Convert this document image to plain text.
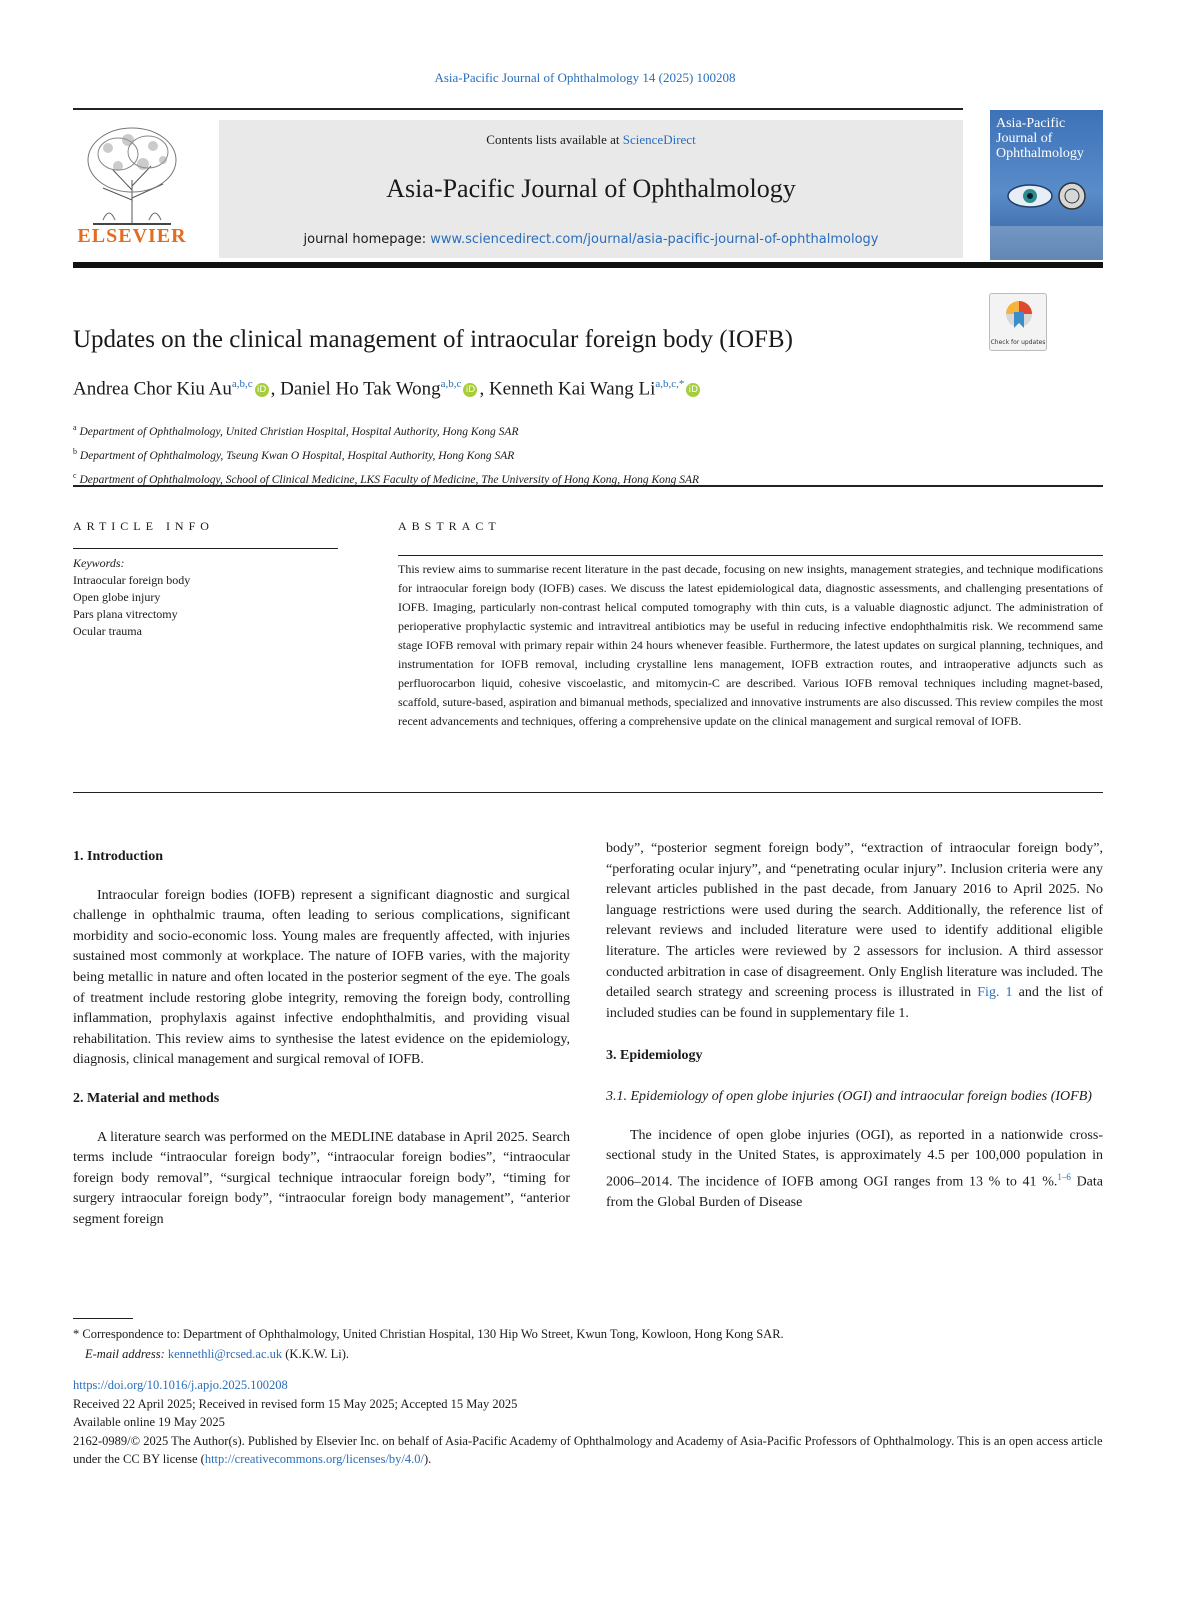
Asia-Pacific Journal of Ophthalmology 14 (2025) 100208
ELSEVIER
Contents lists available at ScienceDirect
Asia-Pacific Journal of Ophthalmology
journal homepage: www.sciencedirect.com/journal/asia-pacific-journal-of-ophthalmology
Asia-Pacific Journal of Ophthalmology
Check for updates
Updates on the clinical management of intraocular foreign body (IOFB)
Andrea Chor Kiu Au$^{a,b,c}$ iD , Daniel Ho Tak Wong$^{a,b,c}$ iD , Kenneth Kai Wang $Li^{a,b,c,*}$ iD
$^a$ Department of Ophthalmology, United Christian Hospital, Hospital Authority, Hong Kong SAR
$^b$ Department of Ophthalmology, Tseung Kwan O Hospital, Hospital Authority, Hong Kong SAR
$^c$ Department of Ophthalmology, School of Clinical Medicine, LKS Faculty of Medicine, The University of Hong Kong, Hong Kong SAR
ARTICLE INFO
Keywords:
Intraocular foreign body
Open globe injury
Pars plana vitrectomy
Ocular trauma
ABSTRACT
This review aims to summarise recent literature in the past decade, focusing on new insights, management strategies, and technique modifications for intraocular foreign body (IOFB) cases. We discuss the latest epidemiological data, diagnostic assessments, and challenging presentations of IOFB. Imaging, particularly non-contrast helical computed tomography with thin cuts, is a valuable diagnostic adjunct. The administration of perioperative prophylactic systemic and intravitreal antibiotics may be useful in reducing infective endophthalmitis risk. We recommend same stage IOFB removal with primary repair within 24 hours whenever feasible. Furthermore, the latest updates on surgical planning, techniques, and instrumentation for IOFB removal, including crystalline lens management, IOFB extraction routes, and intraoperative adjuncts such as perfluorocarbon liquid, cohesive viscoelastic, and mitomycin-C are described. Various IOFB removal techniques including magnet-based, scaffold, suture-based, aspiration and bimanual methods, specialized and innovative instruments are also discussed. This review compiles the most recent advancements and techniques, offering a comprehensive update on the clinical management and surgical removal of IOFB.
1. Introduction

Intraocular foreign bodies (IOFB) represent a significant diagnostic and surgical challenge in ophthalmic trauma, often leading to serious complications, significant morbidity and socio-economic loss. Young males are frequently affected, with injuries sustained most commonly at workplace. The nature of IOFB varies, with the majority being metallic in nature and often located in the posterior segment of the eye. The goals of treatment include restoring globe integrity, removing the foreign body, controlling inflammation, prophylaxis against infective endophthalmitis, and providing visual rehabilitation. This review aims to synthesise the latest evidence on the epidemiology, diagnosis, clinical management and surgical removal of IOFB.

2. Material and methods

A literature search was performed on the MEDLINE database in April 2025. Search terms include “intraocular foreign body”, “intraocular foreign bodies”, “intraocular foreign body removal”, “surgical technique intraocular foreign body”, “timing for surgery intraocular foreign body”, “intraocular foreign body management”, “anterior segment foreign

body”, “posterior segment foreign body”, “extraction of intraocular foreign body”, “perforating ocular injury”, and “penetrating ocular injury”. Inclusion criteria were any relevant articles published in the past decade, from January 2016 to April 2025. No language restrictions were used during the search. Additionally, the reference list of relevant reviews and included literature were used to identify additional eligible literature. The articles were reviewed by 2 assessors for inclusion. A third assessor conducted arbitration in case of disagreement. Only English literature was included. The detailed search strategy and screening process is illustrated in Fig. 1 and the list of included studies can be found in supplementary file 1.

3. Epidemiology
3.1. Epidemiology of open globe injuries (OGI) and intraocular foreign bodies (IOFB)

The incidence of open globe injuries (OGI), as reported in a nationwide cross-sectional study in the United States, is approximately 4.5 per 100,000 population in 2006–2014. The incidence of IOFB among OGI ranges from 13 % to 41 %.$^{1-6}$ Data from the Global Burden of Disease

* Correspondence to: Department of Ophthalmology, United Christian Hospital, 130 Hip Wo Street, Kwun Tong, Kowloon, Hong Kong SAR.
E-mail address: kennethli@rcsed.ac.uk (K.K.W. Li).
https://doi.org/10.1016/j.apjo.2025.100208
Received 22 April 2025; Received in revised form 15 May 2025; Accepted 15 May 2025
Available online 19 May 2025
2162-0989/© 2025 The Author(s). Published by Elsevier Inc. on behalf of Asia-Pacific Academy of Ophthalmology and Academy of Asia-Pacific Professors of Ophthalmology. This is an open access article under the CC BY license (http://creativecommons.org/licenses/by/4.0/).
